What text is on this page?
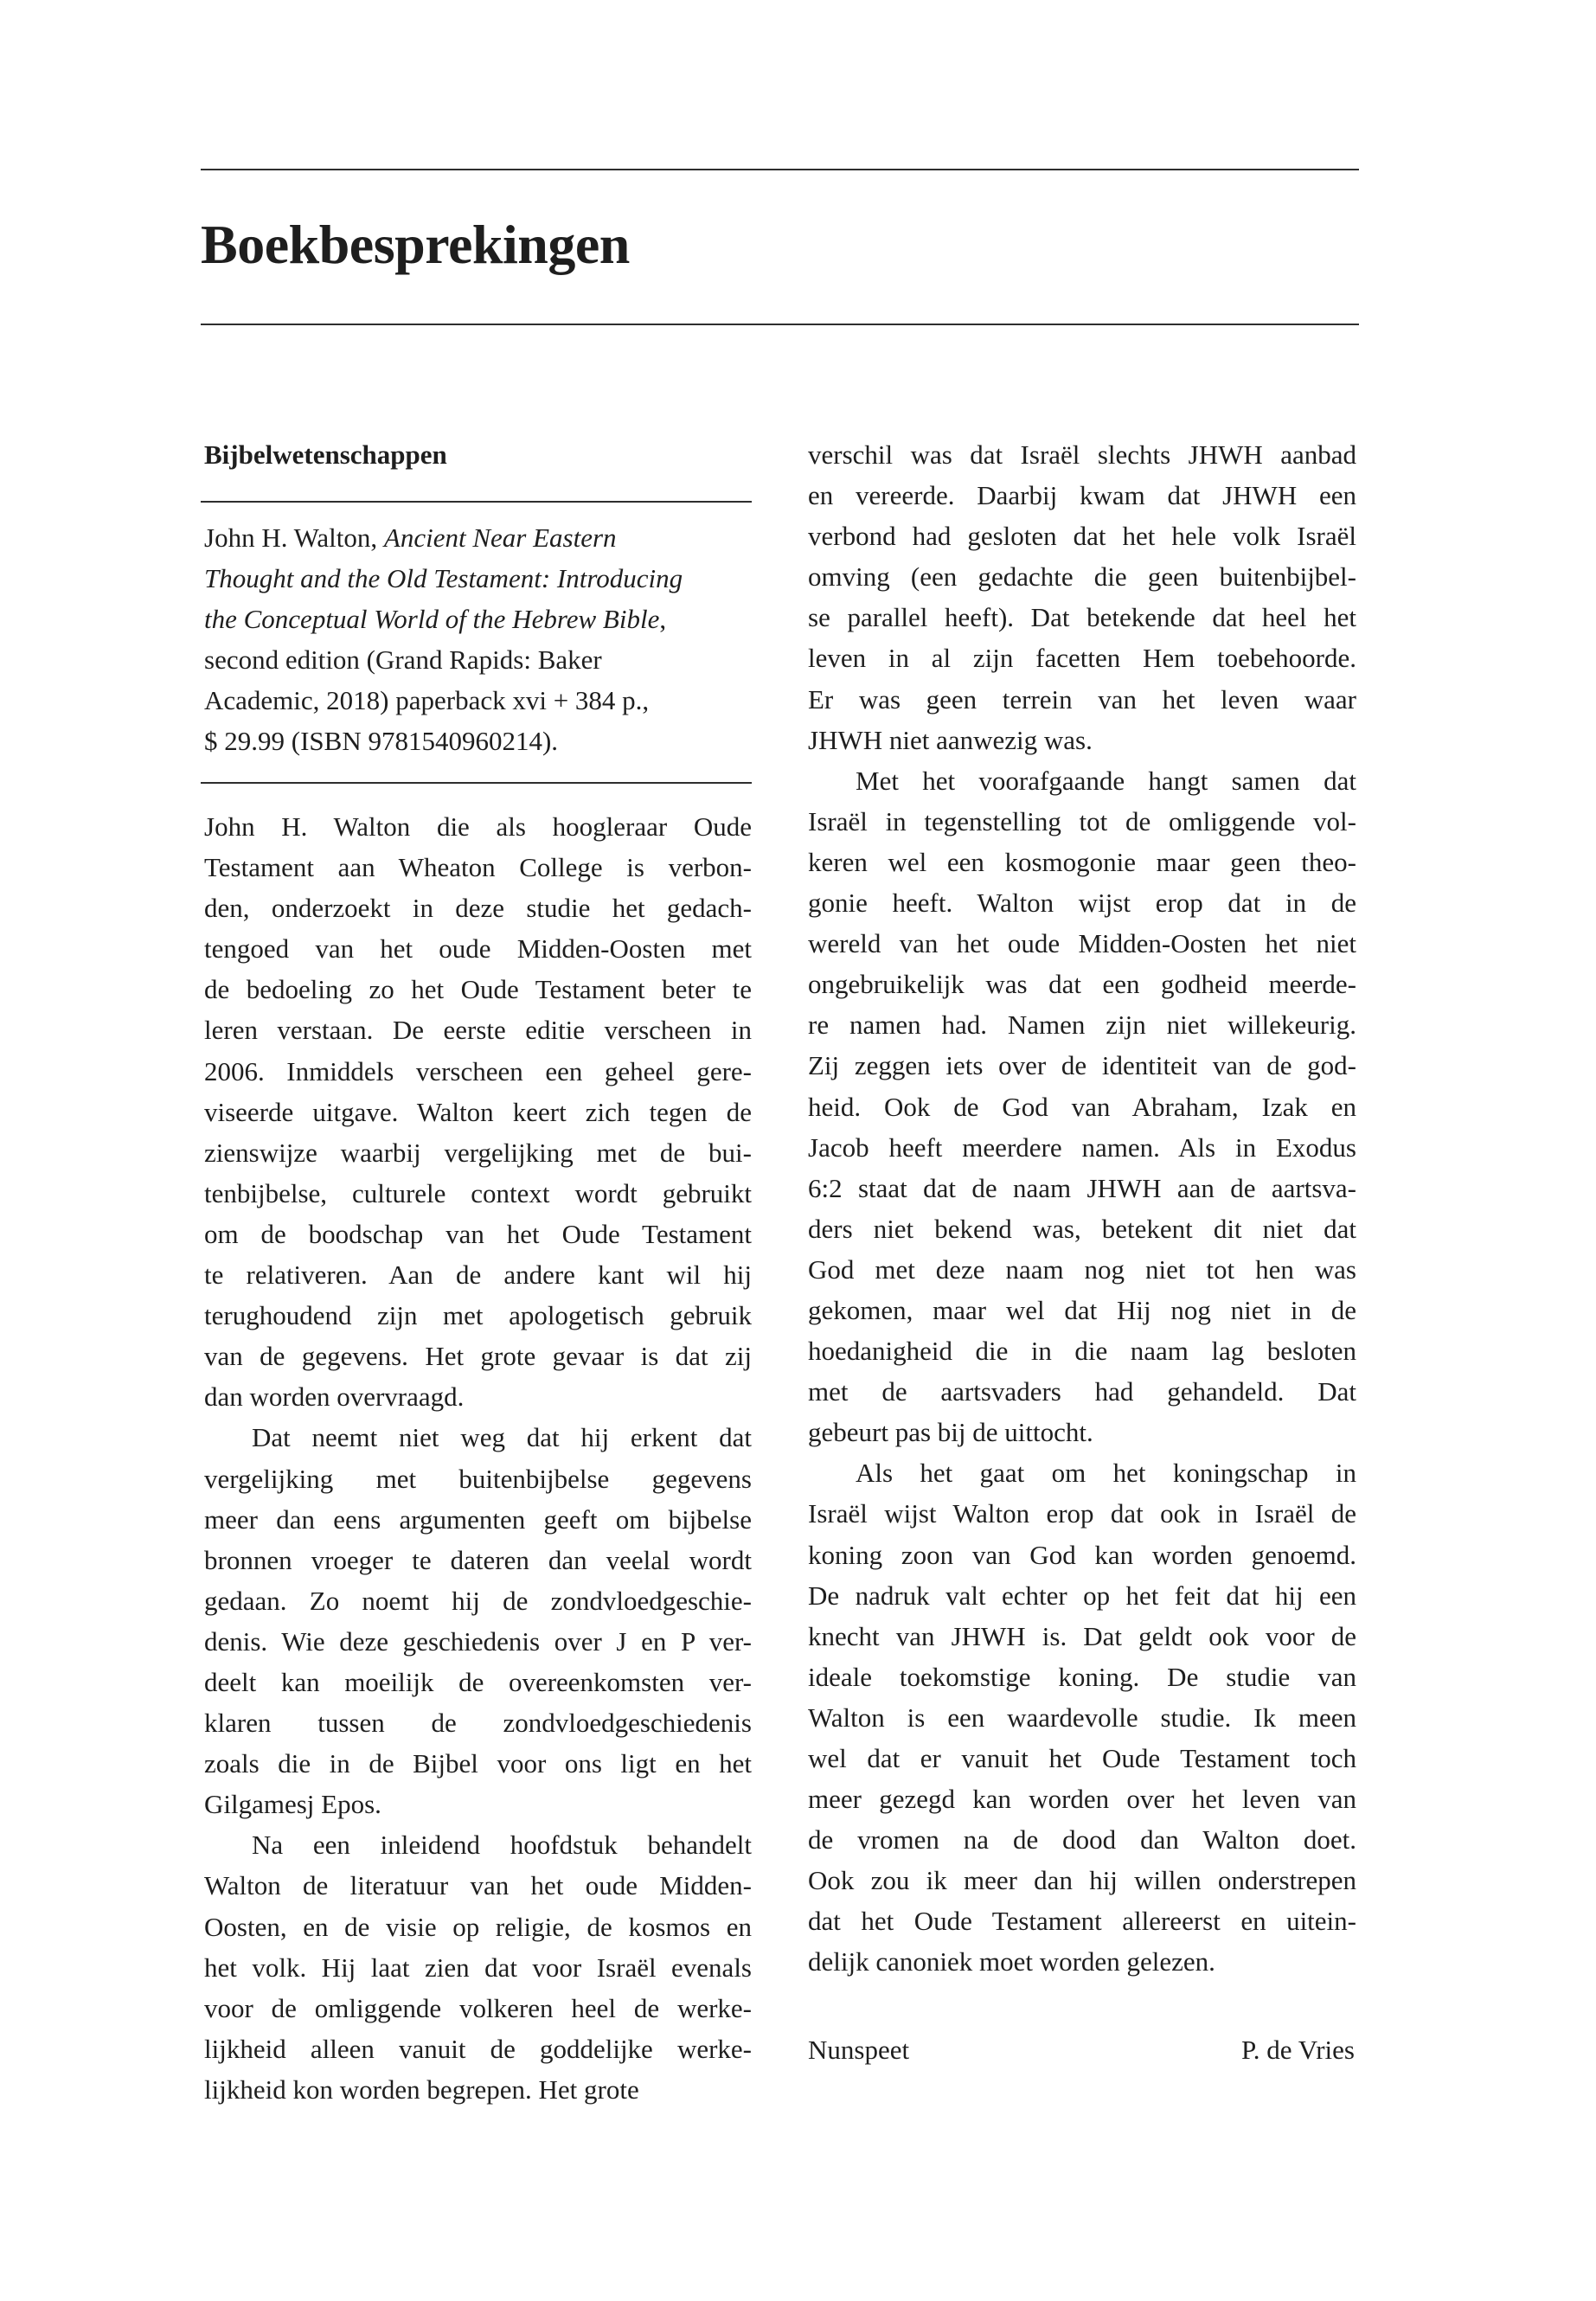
Boekbesprekingen
Bijbelwetenschappen
John H. Walton, Ancient Near Eastern
Thought and the Old Testament: Introducing
the Conceptual World of the Hebrew Bible,
second edition (Grand Rapids: Baker
Academic, 2018) paperback xvi + 384 p.,
$ 29.99 (ISBN 9781540960214).
John H. Walton die als hoogleraar Oude
Testament aan Wheaton College is verbon-
den, onderzoekt in deze studie het gedach-
tengoed van het oude Midden-Oosten met
de bedoeling zo het Oude Testament beter te
leren verstaan. De eerste editie verscheen in
2006. Inmiddels verscheen een geheel gere-
viseerde uitgave. Walton keert zich tegen de
zienswijze waarbij vergelijking met de bui-
tenbijbelse, culturele context wordt gebruikt
om de boodschap van het Oude Testament
te relativeren. Aan de andere kant wil hij
terughoudend zijn met apologetisch gebruik
van de gegevens. Het grote gevaar is dat zij
dan worden overvraagd.
Dat neemt niet weg dat hij erkent dat
vergelijking met buitenbijbelse gegevens
meer dan eens argumenten geeft om bijbelse
bronnen vroeger te dateren dan veelal wordt
gedaan. Zo noemt hij de zondvloedgeschie-
denis. Wie deze geschiedenis over J en P ver-
deelt kan moeilijk de overeenkomsten ver-
klaren tussen de zondvloedgeschiedenis
zoals die in de Bijbel voor ons ligt en het
Gilgamesj Epos.
Na een inleidend hoofdstuk behandelt
Walton de literatuur van het oude Midden-
Oosten, en de visie op religie, de kosmos en
het volk. Hij laat zien dat voor Israël evenals
voor de omliggende volkeren heel de werke-
lijkheid alleen vanuit de goddelijke werke-
lijkheid kon worden begrepen. Het grote
verschil was dat Israël slechts JHWH aanbad
en vereerde. Daarbij kwam dat JHWH een
verbond had gesloten dat het hele volk Israël
omving (een gedachte die geen buitenbijbel-
se parallel heeft). Dat betekende dat heel het
leven in al zijn facetten Hem toebehoorde.
Er was geen terrein van het leven waar
JHWH niet aanwezig was.
Met het voorafgaande hangt samen dat
Israël in tegenstelling tot de omliggende vol-
keren wel een kosmogonie maar geen theo-
gonie heeft. Walton wijst erop dat in de
wereld van het oude Midden-Oosten het niet
ongebruikelijk was dat een godheid meerde-
re namen had. Namen zijn niet willekeurig.
Zij zeggen iets over de identiteit van de god-
heid. Ook de God van Abraham, Izak en
Jacob heeft meerdere namen. Als in Exodus
6:2 staat dat de naam JHWH aan de aartsva-
ders niet bekend was, betekent dit niet dat
God met deze naam nog niet tot hen was
gekomen, maar wel dat Hij nog niet in de
hoedanigheid die in die naam lag besloten
met de aartsvaders had gehandeld. Dat
gebeurt pas bij de uittocht.
Als het gaat om het koningschap in
Israël wijst Walton erop dat ook in Israël de
koning zoon van God kan worden genoemd.
De nadruk valt echter op het feit dat hij een
knecht van JHWH is. Dat geldt ook voor de
ideale toekomstige koning. De studie van
Walton is een waardevolle studie. Ik meen
wel dat er vanuit het Oude Testament toch
meer gezegd kan worden over het leven van
de vromen na de dood dan Walton doet.
Ook zou ik meer dan hij willen onderstrepen
dat het Oude Testament allereerst en uitein-
delijk canoniek moet worden gelezen.
Nunspeet	P. de Vries
